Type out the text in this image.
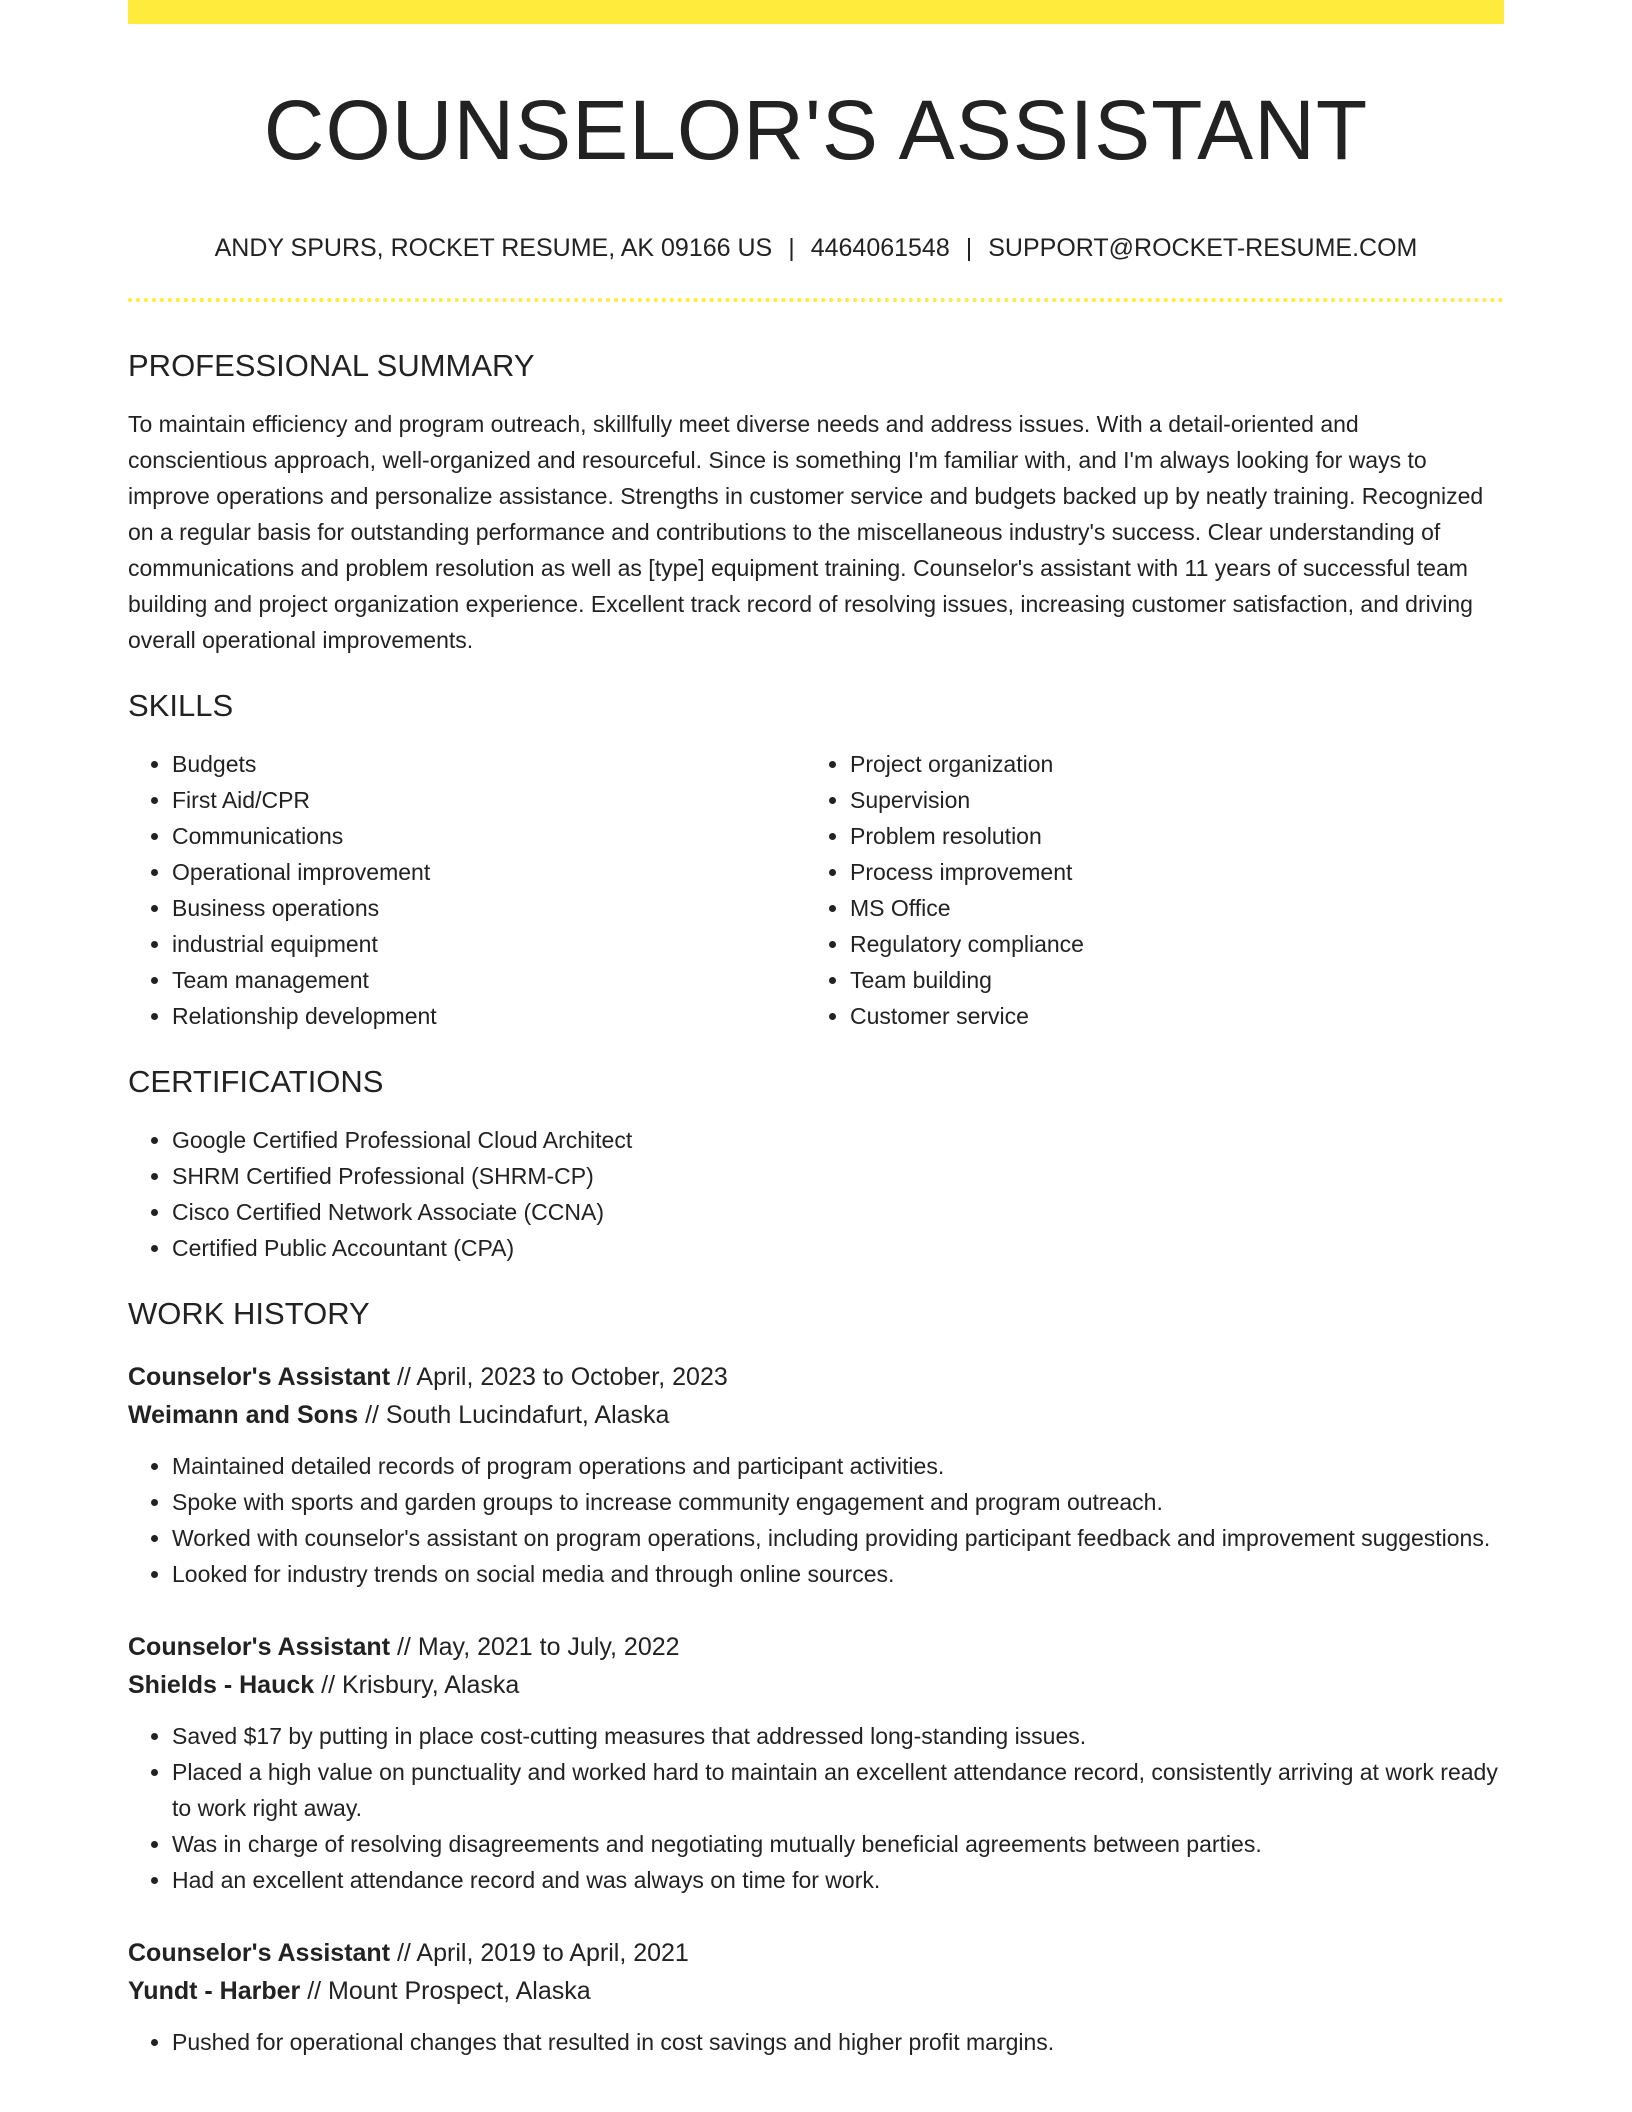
COUNSELOR'S ASSISTANT
ANDY SPURS, ROCKET RESUME, AK 09166 US | 4464061548 | SUPPORT@ROCKET-RESUME.COM
PROFESSIONAL SUMMARY
To maintain efficiency and program outreach, skillfully meet diverse needs and address issues. With a detail-oriented and conscientious approach, well-organized and resourceful. Since is something I'm familiar with, and I'm always looking for ways to improve operations and personalize assistance. Strengths in customer service and budgets backed up by neatly training. Recognized on a regular basis for outstanding performance and contributions to the miscellaneous industry's success. Clear understanding of communications and problem resolution as well as [type] equipment training. Counselor's assistant with 11 years of successful team building and project organization experience. Excellent track record of resolving issues, increasing customer satisfaction, and driving overall operational improvements.
SKILLS
• Budgets
• First Aid/CPR
• Communications
• Operational improvement
• Business operations
• industrial equipment
• Team management
• Relationship development
• Project organization
• Supervision
• Problem resolution
• Process improvement
• MS Office
• Regulatory compliance
• Team building
• Customer service
CERTIFICATIONS
• Google Certified Professional Cloud Architect
• SHRM Certified Professional (SHRM-CP)
• Cisco Certified Network Associate (CCNA)
• Certified Public Accountant (CPA)
WORK HISTORY
Counselor's Assistant // April, 2023 to October, 2023
Weimann and Sons // South Lucindafurt, Alaska
• Maintained detailed records of program operations and participant activities.
• Spoke with sports and garden groups to increase community engagement and program outreach.
• Worked with counselor's assistant on program operations, including providing participant feedback and improvement suggestions.
• Looked for industry trends on social media and through online sources.
Counselor's Assistant // May, 2021 to July, 2022
Shields - Hauck // Krisbury, Alaska
• Saved $17 by putting in place cost-cutting measures that addressed long-standing issues.
• Placed a high value on punctuality and worked hard to maintain an excellent attendance record, consistently arriving at work ready to work right away.
• Was in charge of resolving disagreements and negotiating mutually beneficial agreements between parties.
• Had an excellent attendance record and was always on time for work.
Counselor's Assistant // April, 2019 to April, 2021
Yundt - Harber // Mount Prospect, Alaska
• Pushed for operational changes that resulted in cost savings and higher profit margins.
